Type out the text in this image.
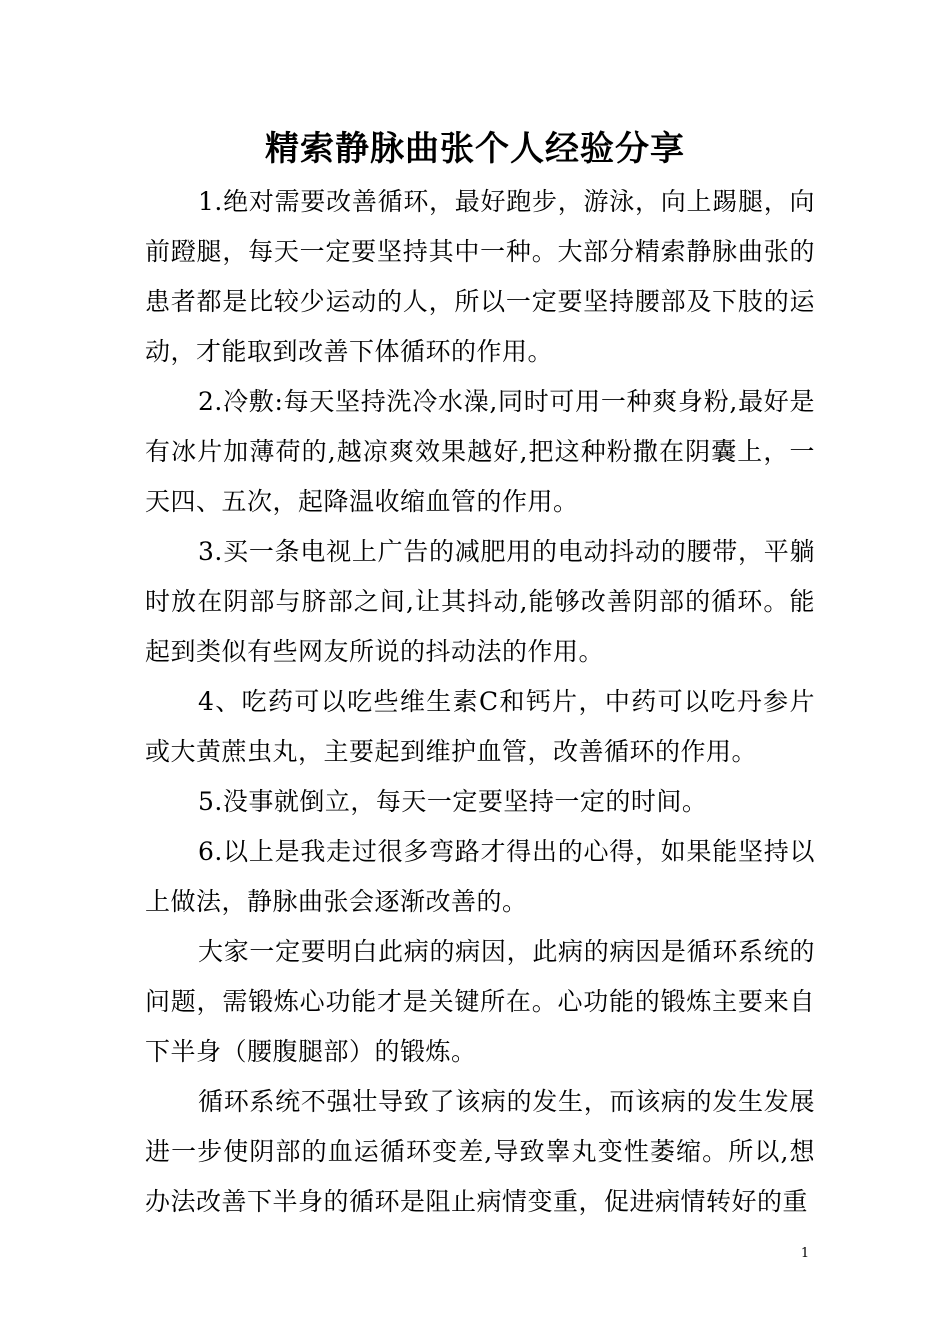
精索静脉曲张个人经验分享

1.绝对需要改善循环，最好跑步，游泳，向上踢腿，向前蹬腿，每天一定要坚持其中一种。大部分精索静脉曲张的患者都是比较少运动的人，所以一定要坚持腰部及下肢的运动，才能取到改善下体循环的作用。

2.冷敷:每天坚持洗冷水澡,同时可用一种爽身粉,最好是有冰片加薄荷的,越凉爽效果越好,把这种粉撒在阴囊上，一天四、五次，起降温收缩血管的作用。

3.买一条电视上广告的减肥用的电动抖动的腰带，平躺时放在阴部与脐部之间,让其抖动,能够改善阴部的循环。能起到类似有些网友所说的抖动法的作用。

4、吃药可以吃些维生素C和钙片，中药可以吃丹参片或大黄蔗虫丸，主要起到维护血管，改善循环的作用。

5.没事就倒立，每天一定要坚持一定的时间。

6.以上是我走过很多弯路才得出的心得，如果能坚持以上做法，静脉曲张会逐渐改善的。

大家一定要明白此病的病因，此病的病因是循环系统的问题，需锻炼心功能才是关键所在。心功能的锻炼主要来自下半身（腰腹腿部）的锻炼。

循环系统不强壮导致了该病的发生，而该病的发生发展进一步使阴部的血运循环变差,导致睾丸变性萎缩。所以,想办法改善下半身的循环是阻止病情变重，促进病情转好的重

1
